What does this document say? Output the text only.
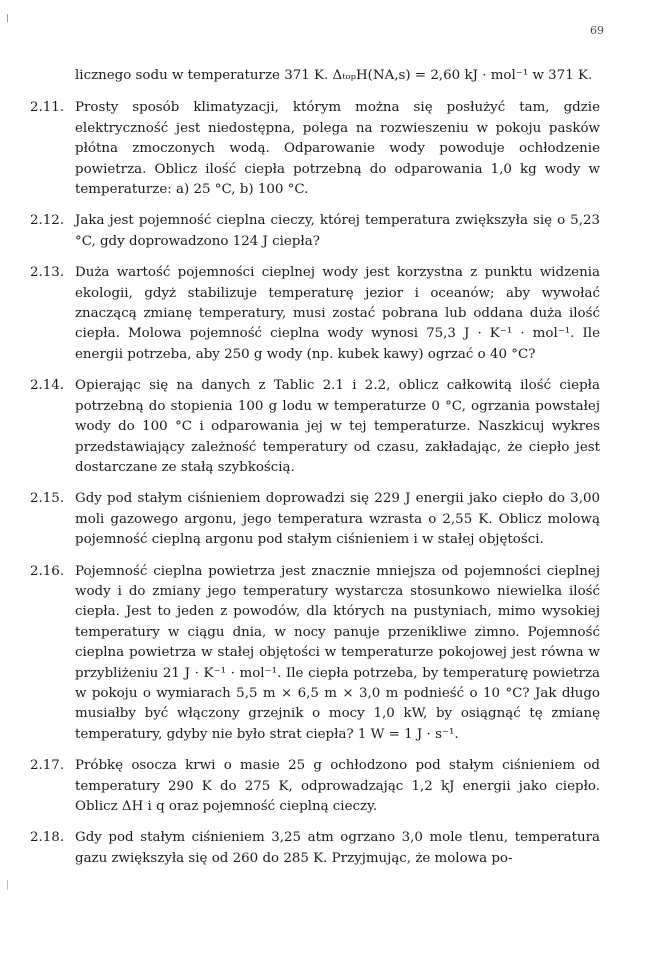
69
licznego sodu w temperaturze 371 K. ΔₜₒₚH(NA,s) = 2,60 kJ · mol⁻¹ w 371 K.
2.11. Prosty sposób klimatyzacji, którym można się posłużyć tam, gdzie elektryczność jest niedostępna, polega na rozwieszeniu w pokoju pasków płótna zmoczonych wodą. Odparowanie wody powoduje ochłodzenie powietrza. Oblicz ilość ciepła potrzebną do odparowania 1,0 kg wody w temperaturze: a) 25 °C, b) 100 °C.
2.12. Jaka jest pojemność cieplna cieczy, której temperatura zwiększyła się o 5,23 °C, gdy doprowadzono 124 J ciepła?
2.13. Duża wartość pojemności cieplnej wody jest korzystna z punktu widzenia ekologii, gdyż stabilizuje temperaturę jezior i oceanów; aby wywołać znaczącą zmianę temperatury, musi zostać pobrana lub oddana duża ilość ciepła. Molowa pojemność cieplna wody wynosi 75,3 J · K⁻¹ · mol⁻¹. Ile energii potrzeba, aby 250 g wody (np. kubek kawy) ogrzać o 40 °C?
2.14. Opierając się na danych z Tablic 2.1 i 2.2, oblicz całkowitą ilość ciepła potrzebną do stopienia 100 g lodu w temperaturze 0 °C, ogrzania powstałej wody do 100 °C i odparowania jej w tej temperaturze. Naszkicuj wykres przedstawiający zależność temperatury od czasu, zakładając, że ciepło jest dostarczane ze stałą szybkością.
2.15. Gdy pod stałym ciśnieniem doprowadzi się 229 J energii jako ciepło do 3,00 moli gazowego argonu, jego temperatura wzrasta o 2,55 K. Oblicz molową pojemność cieplną argonu pod stałym ciśnieniem i w stałej objętości.
2.16. Pojemność cieplna powietrza jest znacznie mniejsza od pojemności cieplnej wody i do zmiany jego temperatury wystarcza stosunkowo niewielka ilość ciepła. Jest to jeden z powodów, dla których na pustyniach, mimo wysokiej temperatury w ciągu dnia, w nocy panuje przenikliwe zimno. Pojemność cieplna powietrza w stałej objętości w temperaturze pokojowej jest równa w przybliżeniu 21 J · K⁻¹ · mol⁻¹. Ile ciepła potrzeba, by temperaturę powietrza w pokoju o wymiarach 5,5 m × 6,5 m × 3,0 m podnieść o 10 °C? Jak długo musiałby być włączony grzejnik o mocy 1,0 kW, by osiągnąć tę zmianę temperatury, gdyby nie było strat ciepła? 1 W = 1 J · s⁻¹.
2.17. Próbkę osocza krwi o masie 25 g ochłodzono pod stałym ciśnieniem od temperatury 290 K do 275 K, odprowadzając 1,2 kJ energii jako ciepło. Oblicz ΔH i q oraz pojemność cieplną cieczy.
2.18. Gdy pod stałym ciśnieniem 3,25 atm ogrzano 3,0 mole tlenu, temperatura gazu zwiększyła się od 260 do 285 K. Przyjmując, że molowa po-
